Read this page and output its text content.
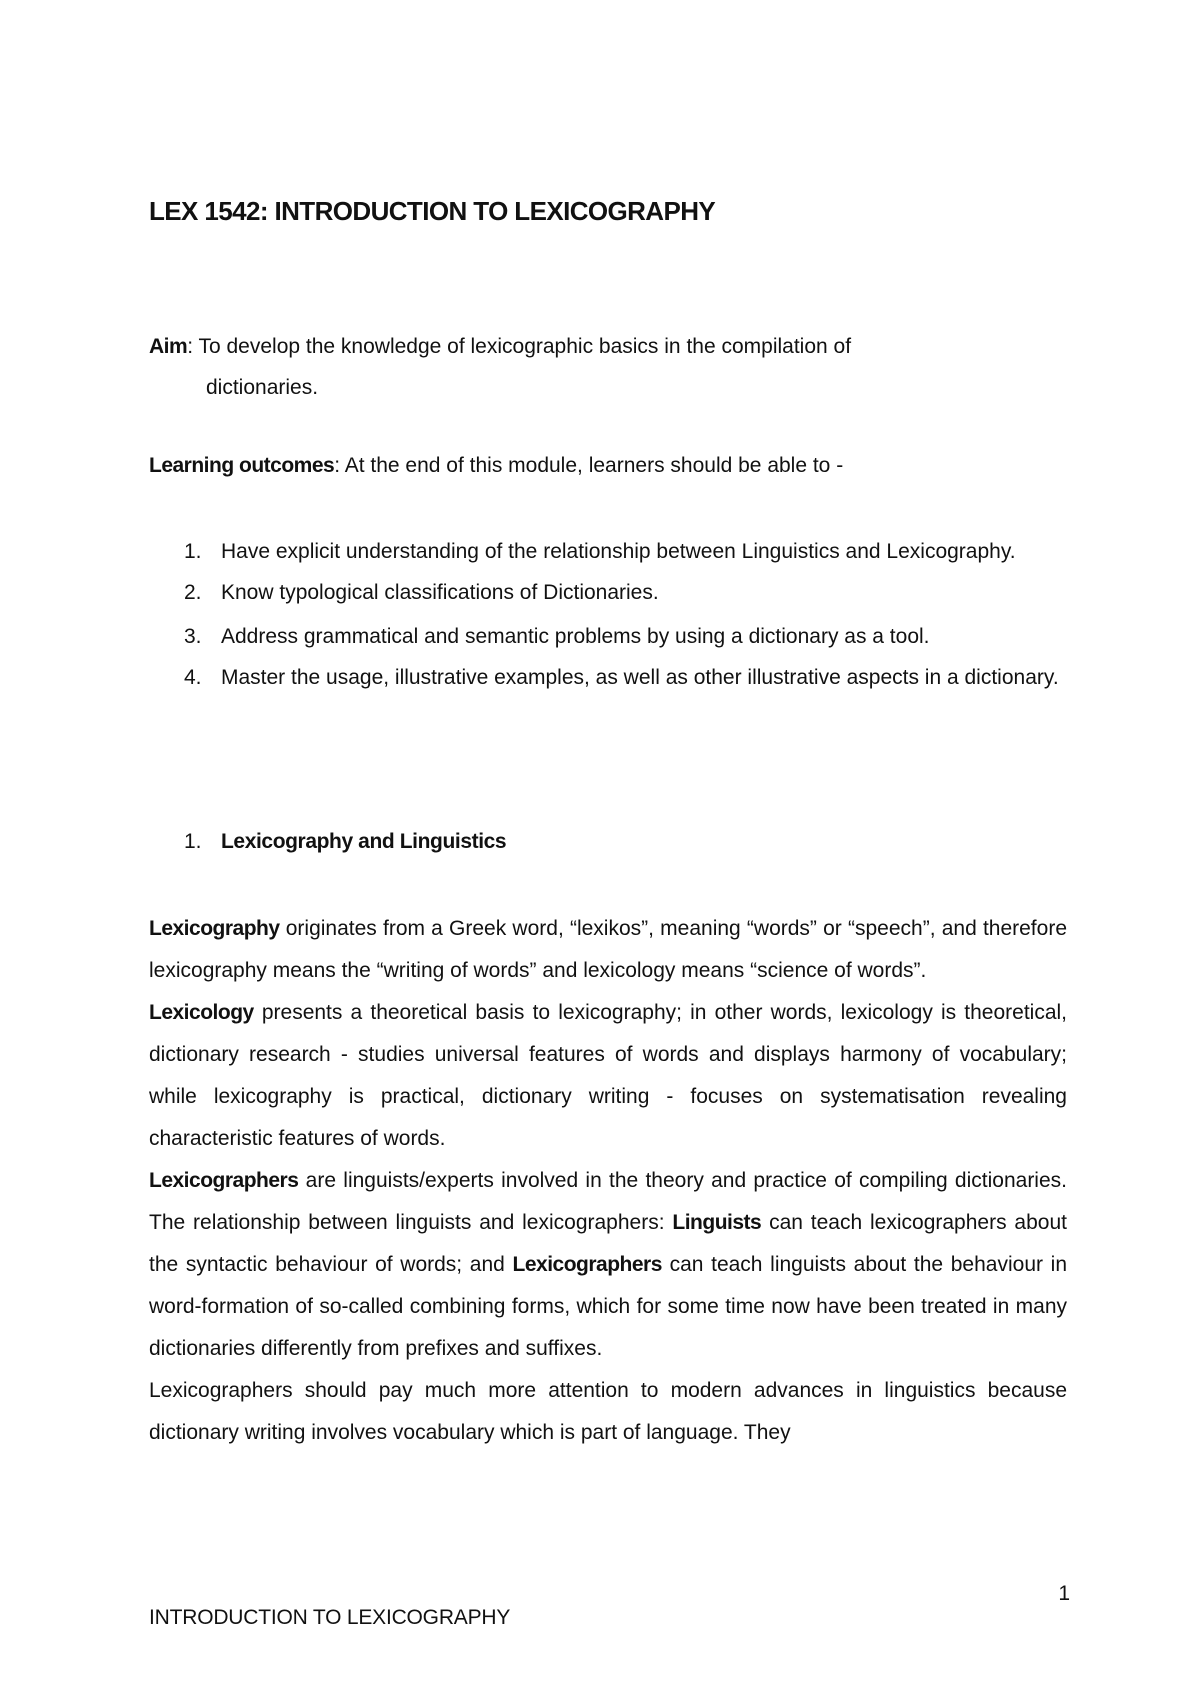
LEX 1542: INTRODUCTION TO LEXICOGRAPHY
Aim: To develop the knowledge of lexicographic basics in the compilation of
dictionaries.
Learning outcomes: At the end of this module, learners should be able to -
1. Have explicit understanding of the relationship between Linguistics and Lexicography.
2. Know typological classifications of Dictionaries.
3. Address grammatical and semantic problems by using a dictionary as a tool.
4. Master the usage, illustrative examples, as well as other illustrative aspects in a dictionary.
1. Lexicography and Linguistics

Lexicography originates from a Greek word, “lexikos”, meaning “words” or “speech”, and therefore lexicography means the “writing of words” and lexicology means “science of words”.

Lexicology presents a theoretical basis to lexicography; in other words, lexicology is theoretical, dictionary research - studies universal features of words and displays harmony of vocabulary; while lexicography is practical, dictionary writing - focuses on systematisation revealing characteristic features of words.

Lexicographers are linguists/experts involved in the theory and practice of compiling dictionaries. The relationship between linguists and lexicographers: Linguists can teach lexicographers about the syntactic behaviour of words; and Lexicographers can teach linguists about the behaviour in word-formation of so-called combining forms, which for some time now have been treated in many dictionaries differently from prefixes and suffixes.

Lexicographers should pay much more attention to modern advances in linguistics because dictionary writing involves vocabulary which is part of language. They

1
INTRODUCTION TO LEXICOGRAPHY
